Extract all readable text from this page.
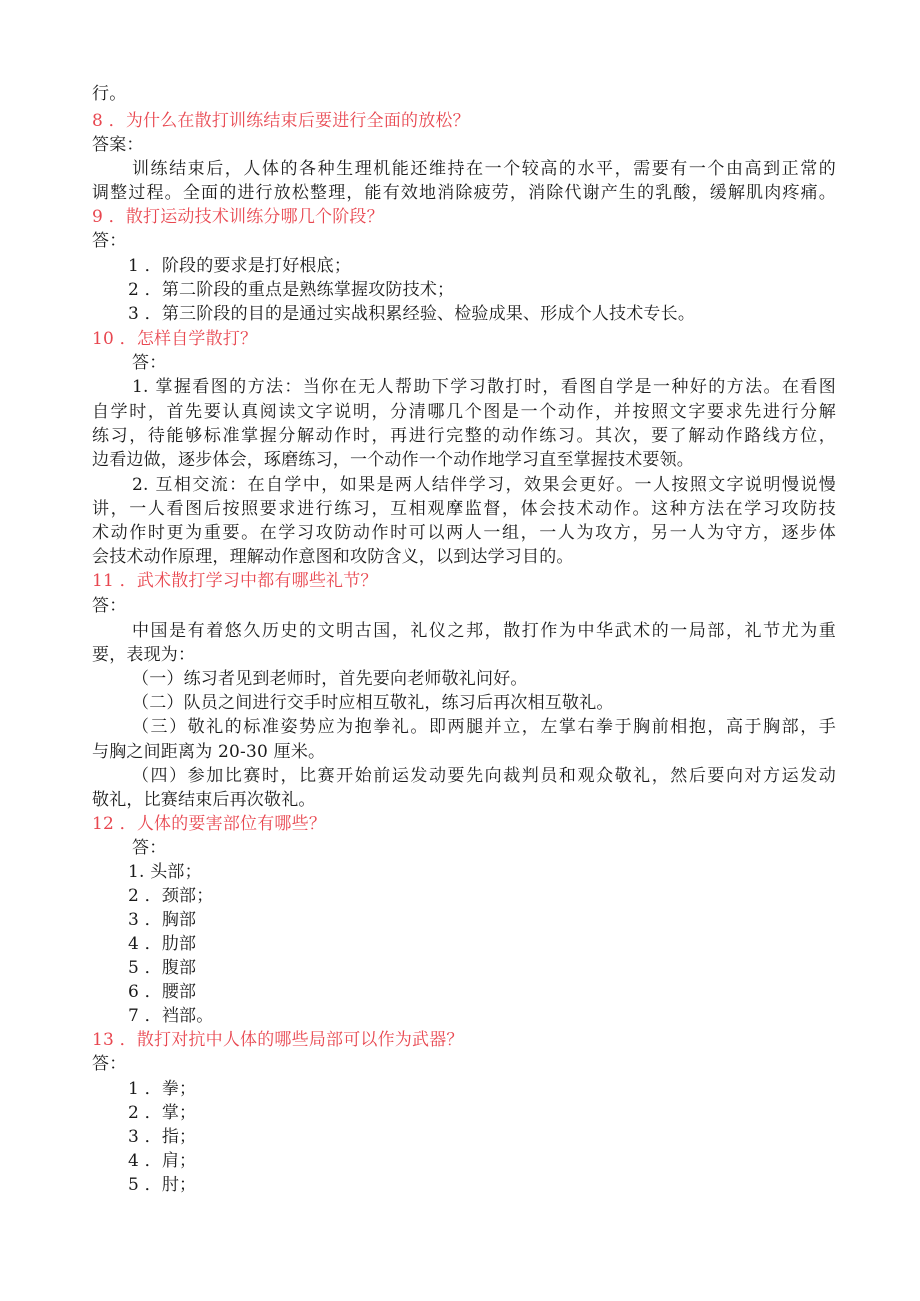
行。
8 ．为什么在散打训练结束后要进行全面的放松？
答案：
训练结束后，人体的各种生理机能还维持在一个较高的水平，需要有一个由高到正常的
调整过程。全面的进行放松整理，能有效地消除疲劳，消除代谢产生的乳酸，缓解肌肉疼痛。
9 ．散打运动技术训练分哪几个阶段？
答：
1 ．阶段的要求是打好根底；
2 ．第二阶段的重点是熟练掌握攻防技术；
3 ．第三阶段的目的是通过实战积累经验、检验成果、形成个人技术专长。
10 ．怎样自学散打？
答：
1. 掌握看图的方法：当你在无人帮助下学习散打时，看图自学是一种好的方法。在看图
自学时，首先要认真阅读文字说明，分清哪几个图是一个动作，并按照文字要求先进行分解
练习，待能够标准掌握分解动作时，再进行完整的动作练习。其次，要了解动作路线方位，
边看边做，逐步体会，琢磨练习，一个动作一个动作地学习直至掌握技术要领。
2. 互相交流：在自学中，如果是两人结伴学习，效果会更好。一人按照文字说明慢说慢
讲，一人看图后按照要求进行练习，互相观摩监督，体会技术动作。这种方法在学习攻防技
术动作时更为重要。在学习攻防动作时可以两人一组，一人为攻方，另一人为守方，逐步体
会技术动作原理，理解动作意图和攻防含义，以到达学习目的。
11 ．武术散打学习中都有哪些礼节？
答：
中国是有着悠久历史的文明古国，礼仪之邦，散打作为中华武术的一局部，礼节尤为重
要，表现为：
（一）练习者见到老师时，首先要向老师敬礼问好。
（二）队员之间进行交手时应相互敬礼，练习后再次相互敬礼。
（三）敬礼的标准姿势应为抱拳礼。即两腿并立，左掌右拳于胸前相抱，高于胸部，手
与胸之间距离为 20-30 厘米。
（四）参加比赛时，比赛开始前运发动要先向裁判员和观众敬礼，然后要向对方运发动
敬礼，比赛结束后再次敬礼。
12 ．人体的要害部位有哪些？
答：
1. 头部；
2 ．颈部；
3 ．胸部
4 ．肋部
5 ．腹部
6 ．腰部
7 ．裆部。
13 ．散打对抗中人体的哪些局部可以作为武器？
答：
1 ．拳；
2 ．掌；
3 ．指；
4 ．肩；
5 ．肘；
